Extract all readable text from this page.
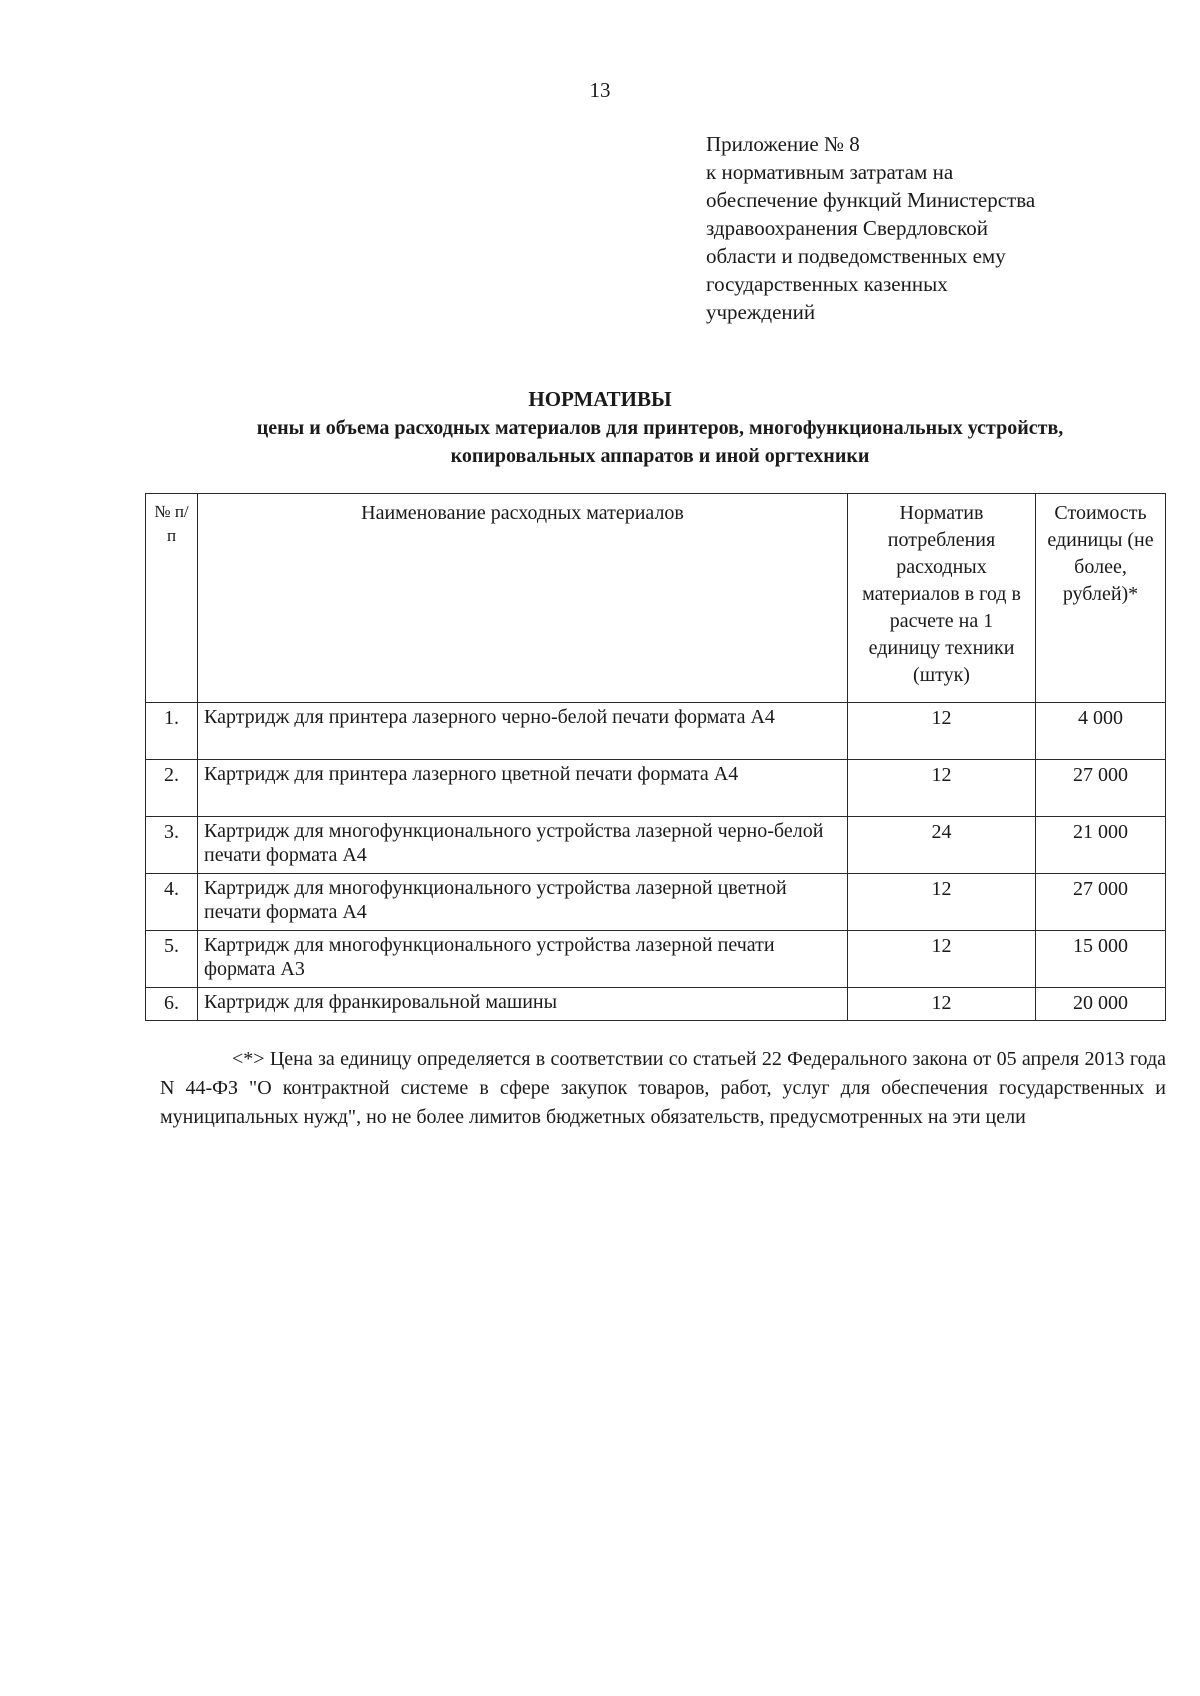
13
Приложение № 8
к нормативным затратам на
обеспечение функций Министерства
здравоохранения Свердловской
области и подведомственных ему
государственных казенных
учреждений
НОРМАТИВЫ
цены и объема расходных материалов для принтеров, многофункциональных устройств,
копировальных аппаратов и иной оргтехники
№ п/п	Наименование расходных материалов	Норматив потребления расходных материалов в год в расчете на 1 единицу техники (штук)	Стоимость единицы (не более, рублей)*
1.	Картридж для принтера лазерного черно-белой печати формата А4	12	4 000
2.	Картридж для принтера лазерного цветной печати формата А4	12	27 000
3.	Картридж для многофункционального устройства лазерной черно-белой печати формата А4	24	21 000
4.	Картридж для многофункционального устройства лазерной цветной печати формата А4	12	27 000
5.	Картридж для многофункционального устройства лазерной печати формата А3	12	15 000
6.	Картридж для франкировальной машины	12	20 000
<*> Цена за единицу определяется в соответствии со статьей 22 Федерального закона от 05 апреля 2013 года N 44-ФЗ "О контрактной системе в сфере закупок товаров, работ, услуг для обеспечения государственных и муниципальных нужд", но не более лимитов бюджетных обязательств, предусмотренных на эти цели
